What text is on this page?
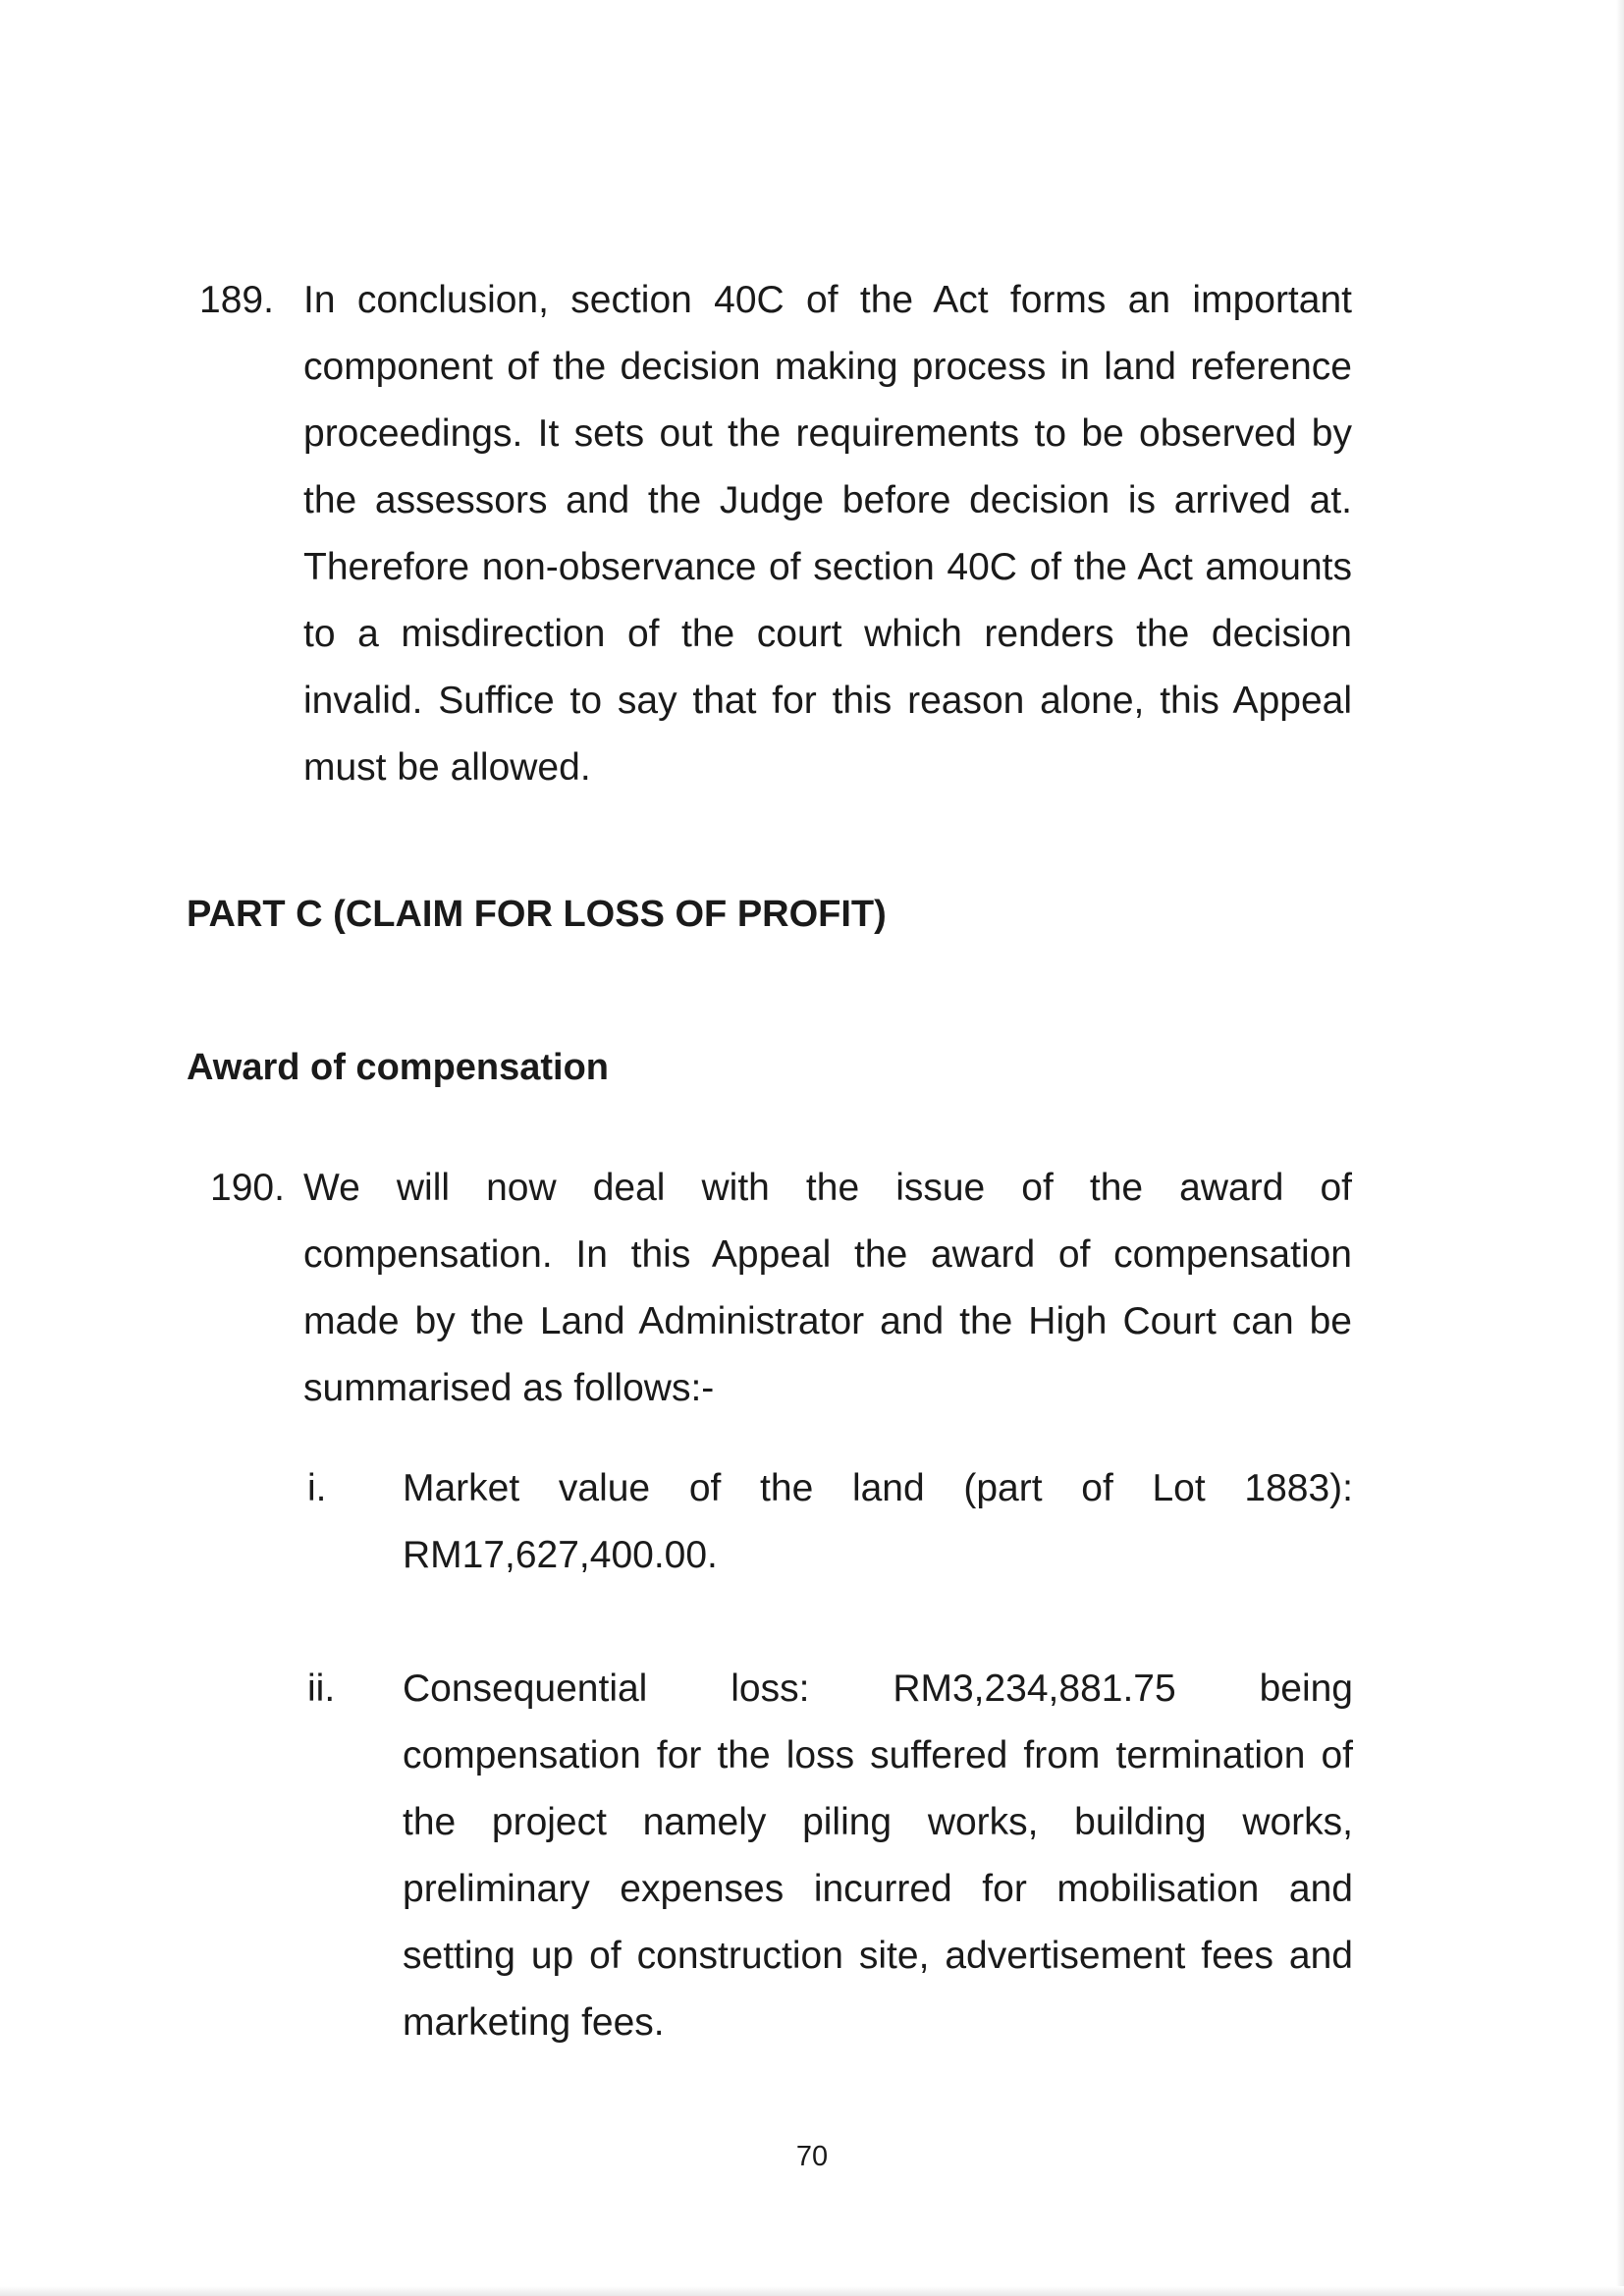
189. In conclusion, section 40C of the Act forms an important component of the decision making process in land reference proceedings. It sets out the requirements to be observed by the assessors and the Judge before decision is arrived at. Therefore non-observance of section 40C of the Act amounts to a misdirection of the court which renders the decision invalid. Suffice to say that for this reason alone, this Appeal must be allowed.
PART C (CLAIM FOR LOSS OF PROFIT)
Award of compensation
190. We will now deal with the issue of the award of compensation. In this Appeal the award of compensation made by the Land Administrator and the High Court can be summarised as follows:-
i. Market value of the land (part of Lot 1883): RM17,627,400.00.
ii. Consequential loss: RM3,234,881.75 being compensation for the loss suffered from termination of the project namely piling works, building works, preliminary expenses incurred for mobilisation and setting up of construction site, advertisement fees and marketing fees.
70
